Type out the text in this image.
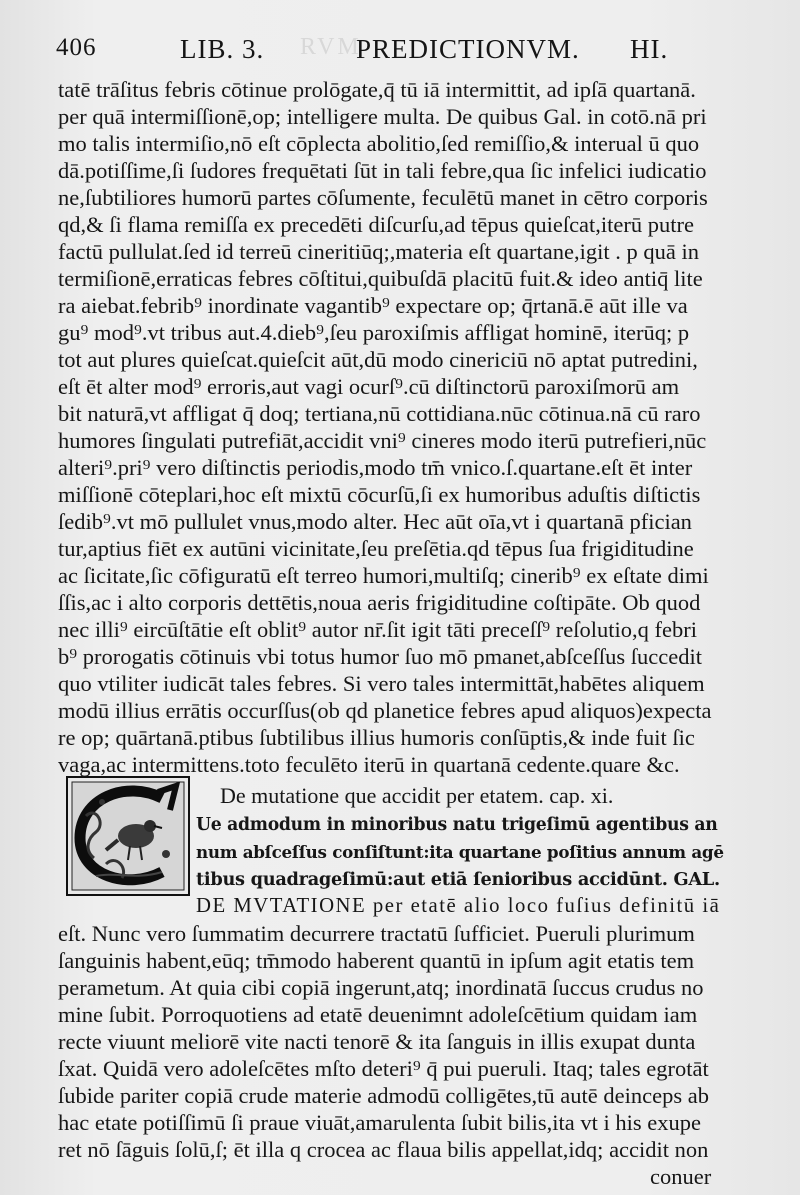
RVM
406	LIB. 3.	PREDICTIONVM. HI.
tatē trāſitus febris cōtinue prolōgate,q̄ tū iā intermittit, ad ipſā quartanā.
per quā intermiſſionē,op; intelligere multa. De quibus Gal. in cotō.nā pri
mo talis intermiſio,nō eſt cōplecta abolitio,ſed remiſſio,& interual ū quo
dā.potiſſime,ſi ſudores frequētati ſūt in tali febre,qua ſic infelici iudicatio
ne,ſubtiliores humorū partes cōſumente, feculētū manet in cētro corporis
qd,& ſi flama remiſſa ex precedēti diſcurſu,ad tēpus quieſcat,iterū putre
factū pullulat.ſed id terreū cineritiūq;,materia eſt quartane,igit . p quā in
termiſionē,erraticas febres cōſtitui,quibuſdā placitū fuit.& ideo antiq̄ lite
ra aiebat.febrib⁹ inordinate vagantib⁹ expectare op; q̄rtanā.ē aūt ille va
gu⁹ mod⁹.vt tribus aut.4.dieb⁹,ſeu paroxiſmis affligat hominē, iterūq; p
tot aut plures quieſcat.quieſcit aūt,dū modo cinericiū nō aptat putredini,
eſt ēt alter mod⁹ erroris,aut vagi ocurſ⁹.cū diſtinctorū paroxiſmorū am
bit naturā,vt affligat q̄ doq; tertiana,nū cottidiana.nūc cōtinua.nā cū raro
humores ſingulati putrefiāt,accidit vni⁹ cineres modo iterū putrefieri,nūc
alteri⁹.pri⁹ vero diſtinctis periodis,modo tm̄ vnico.ſ.quartane.eſt ēt inter
miſſionē cōteplari,hoc eſt mixtū cōcurſū,ſi ex humoribus aduſtis diſtictis
ſedib⁹.vt mō pullulet vnus,modo alter. Hec aūt oīa,vt i quartanā pfician
tur,aptius fiēt ex autūni vicinitate,ſeu preſētia.qd tēpus ſua frigiditudine
ac ſicitate,ſic cōfiguratū eſt terreo humori,multiſq; cinerib⁹ ex eſtate dimi
ſſis,ac i alto corporis dettētis,noua aeris frigiditudine coſtipāte. Ob quod
nec illi⁹ eircūſtātie eſt oblit⁹ autor nr̄.ſit igit tāti preceſſ⁹ reſolutio,q febri
b⁹ prorogatis cōtinuis vbi totus humor ſuo mō pmanet,abſceſſus ſuccedit
quo vtiliter iudicāt tales febres. Si vero tales intermittāt,habētes aliquem
modū illius errātis occurſſus(ob qd planetice febres apud aliquos)expecta
re op; quārtanā.ptibus ſubtilibus illius humoris conſūptis,& inde fuit ſic
vaga,ac intermittens.toto feculēto iterū in quartanā cedente.quare &c.
De mutatione que accidit per etatem. cap. xi.
Ue admodum in minoribus natu trigeſimū agentibus an
num abſceſſus conſiſtunt:ita quartane poſitius annum agē
tibus quadrageſimū:aut etiā ſenioribus accidūnt. GAL.
DE MVTATIONE per etatē alio loco fuſius definitū iā
eſt. Nunc vero ſummatim decurrere tractatū ſufficiet. Pueruli plurimum
ſanguinis habent,eūq; tm̄modo haberent quantū in ipſum agit etatis tem
perametum. At quia cibi copiā ingerunt,atq; inordinatā ſuccus crudus no
mine ſubit. Porroquotiens ad etatē deuenimnt adoleſcētium quidam iam
recte viuunt meliorē vite nacti tenorē & ita ſanguis in illis exupat dunta
ſxat. Quidā vero adoleſcētes mſto deteri⁹ q̄ pui pueruli. Itaq; tales egrotāt
ſubide pariter copiā crude materie admodū colligētes,tū autē deinceps ab
hac etate potiſſimū ſi praue viuāt,amarulenta ſubit bilis,ita vt i his exupe
ret nō ſāguis ſolū,ſ; ēt illa q crocea ac flaua bilis appellat,idq; accidit non
conuer
